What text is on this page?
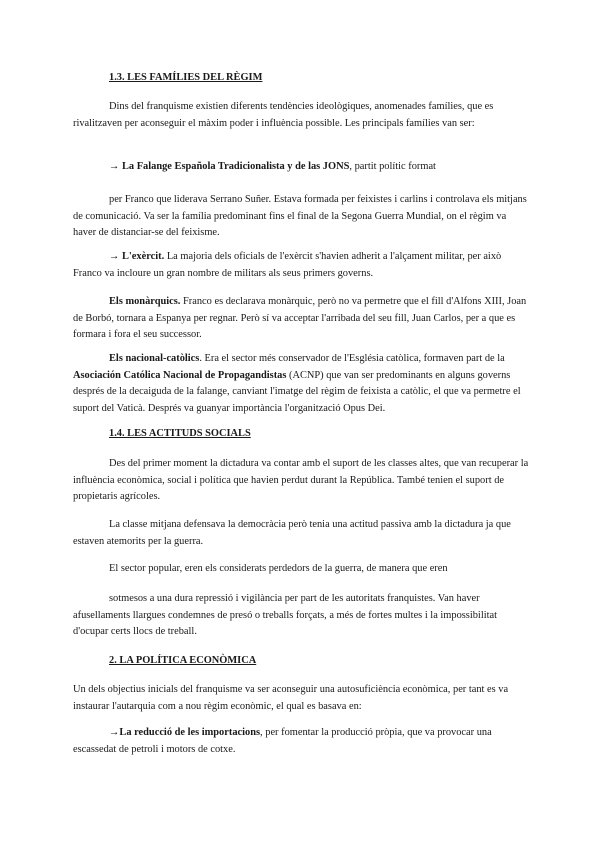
1.3. LES FAMÍLIES DEL RÈGIM

Dins del franquisme existien diferents tendències ideològiques, anomenades famílies, que es rivalitzaven per aconseguir el màxim poder i influència possible. Les principals famílies van ser:

→ La Falange Española Tradicionalista y de las JONS, partit polític format

per Franco que liderava Serrano Suñer. Estava formada per feixistes i carlins i controlava els mitjans de comunicació. Va ser la família predominant fins el final de la Segona Guerra Mundial, on el règim va haver de distanciar-se del feixisme.

→ L'exèrcit. La majoria dels oficials de l'exèrcit s'havien adherit a l'alçament militar, per això Franco va incloure un gran nombre de militars als seus primers governs.

Els monàrquics. Franco es declarava monàrquic, però no va permetre que el fill d'Alfons XIII, Joan de Borbó, tornara a Espanya per regnar. Però sí va acceptar l'arribada del seu fill, Juan Carlos, per a que es formara i fora el seu successor.

Els nacional-catòlics. Era el sector més conservador de l'Església catòlica, formaven part de la Asociación Católica Nacional de Propagandistas (ACNP) que van ser predominants en alguns governs després de la decaiguda de la falange, canviant l'imatge del règim de feixista a catòlic, el que va permetre el suport del Vaticà. Després va guanyar importància l'organització Opus Dei.

1.4. LES ACTITUDS SOCIALS

Des del primer moment la dictadura va contar amb el suport de les classes altes, que van recuperar la influència econòmica, social i política que havien perdut durant la República. També tenien el suport de propietaris agrícoles.

La classe mitjana defensava la democràcia però tenia una actitud passiva amb la dictadura ja que estaven atemorits per la guerra.

El sector popular, eren els considerats perdedors de la guerra, de manera que eren

sotmesos a una dura repressió i vigilància per part de les autoritats franquistes. Van haver afusellaments llargues condemnes de presó o treballs forçats, a més de fortes multes i la impossibilitat d'ocupar certs llocs de treball.

2. LA POLÍTICA ECONÒMICA

Un dels objectius inicials del franquisme va ser aconseguir una autosuficiència econòmica, per tant es va instaurar l'autarquia com a nou règim econòmic, el qual es basava en:

→La reducció de les importacions, per fomentar la producció pròpia, que va provocar una escassedat de petroli i motors de cotxe.
